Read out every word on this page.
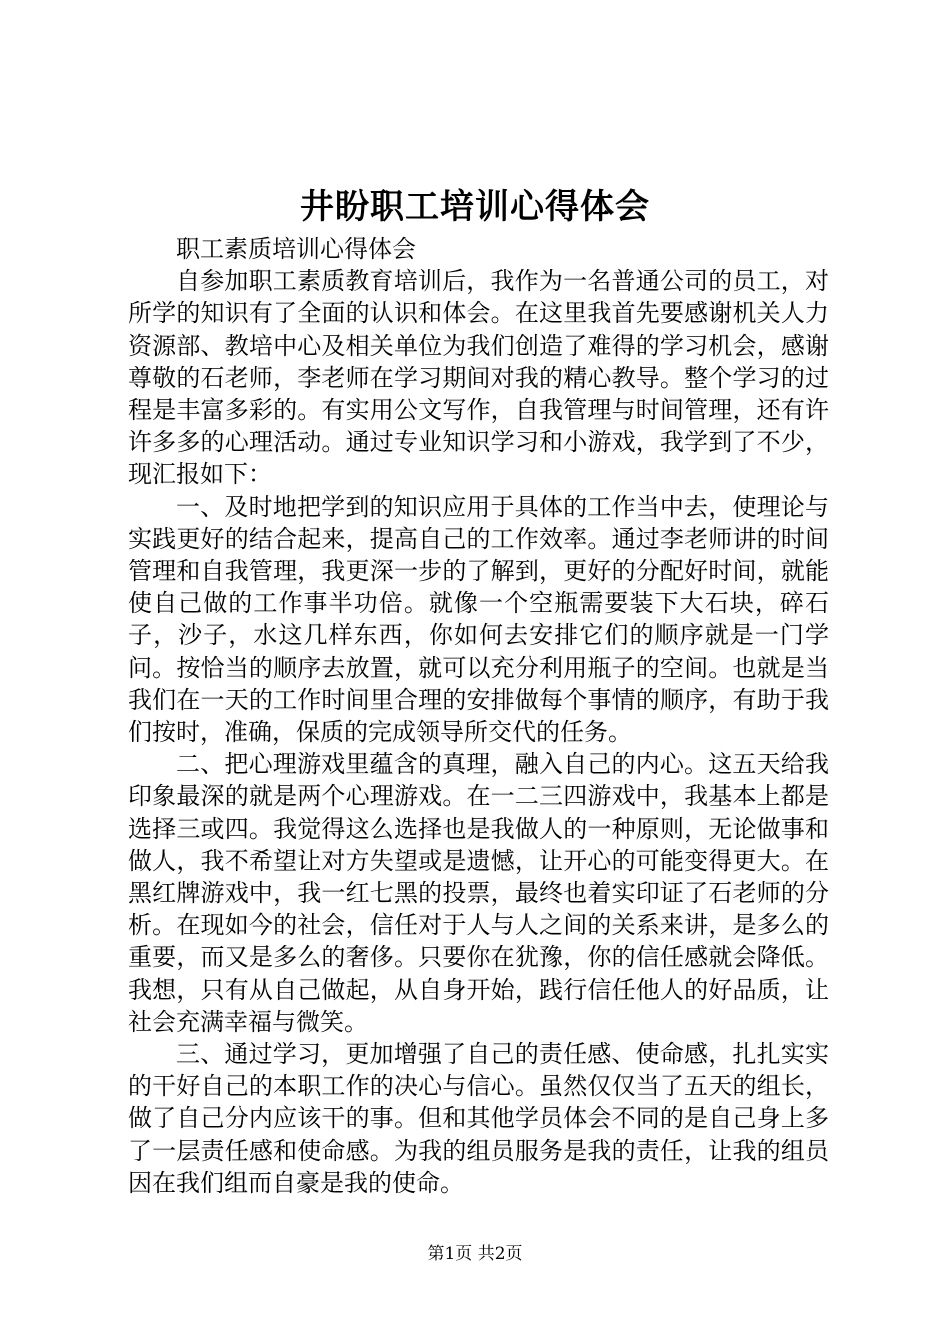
井盼职工培训心得体会

职工素质培训心得体会

自参加职工素质教育培训后，我作为一名普通公司的员工，对所学的知识有了全面的认识和体会。在这里我首先要感谢机关人力资源部、教培中心及相关单位为我们创造了难得的学习机会，感谢尊敬的石老师，李老师在学习期间对我的精心教导。整个学习的过程是丰富多彩的。有实用公文写作，自我管理与时间管理，还有许许多多的心理活动。通过专业知识学习和小游戏，我学到了不少，现汇报如下：

一、及时地把学到的知识应用于具体的工作当中去，使理论与实践更好的结合起来，提高自己的工作效率。通过李老师讲的时间管理和自我管理，我更深一步的了解到，更好的分配好时间，就能使自己做的工作事半功倍。就像一个空瓶需要装下大石块，碎石子，沙子，水这几样东西，你如何去安排它们的顺序就是一门学问。按恰当的顺序去放置，就可以充分利用瓶子的空间。也就是当我们在一天的工作时间里合理的安排做每个事情的顺序，有助于我们按时，准确，保质的完成领导所交代的任务。

二、把心理游戏里蕴含的真理，融入自己的内心。这五天给我印象最深的就是两个心理游戏。在一二三四游戏中，我基本上都是选择三或四。我觉得这么选择也是我做人的一种原则，无论做事和做人，我不希望让对方失望或是遗憾，让开心的可能变得更大。在黑红牌游戏中，我一红七黑的投票，最终也着实印证了石老师的分析。在现如今的社会，信任对于人与人之间的关系来讲，是多么的重要，而又是多么的奢侈。只要你在犹豫，你的信任感就会降低。我想，只有从自己做起，从自身开始，践行信任他人的好品质，让社会充满幸福与微笑。

三、通过学习，更加增强了自己的责任感、使命感，扎扎实实的干好自己的本职工作的决心与信心。虽然仅仅当了五天的组长，做了自己分内应该干的事。但和其他学员体会不同的是自己身上多了一层责任感和使命感。为我的组员服务是我的责任，让我的组员因在我们组而自豪是我的使命。

第1页 共2页
